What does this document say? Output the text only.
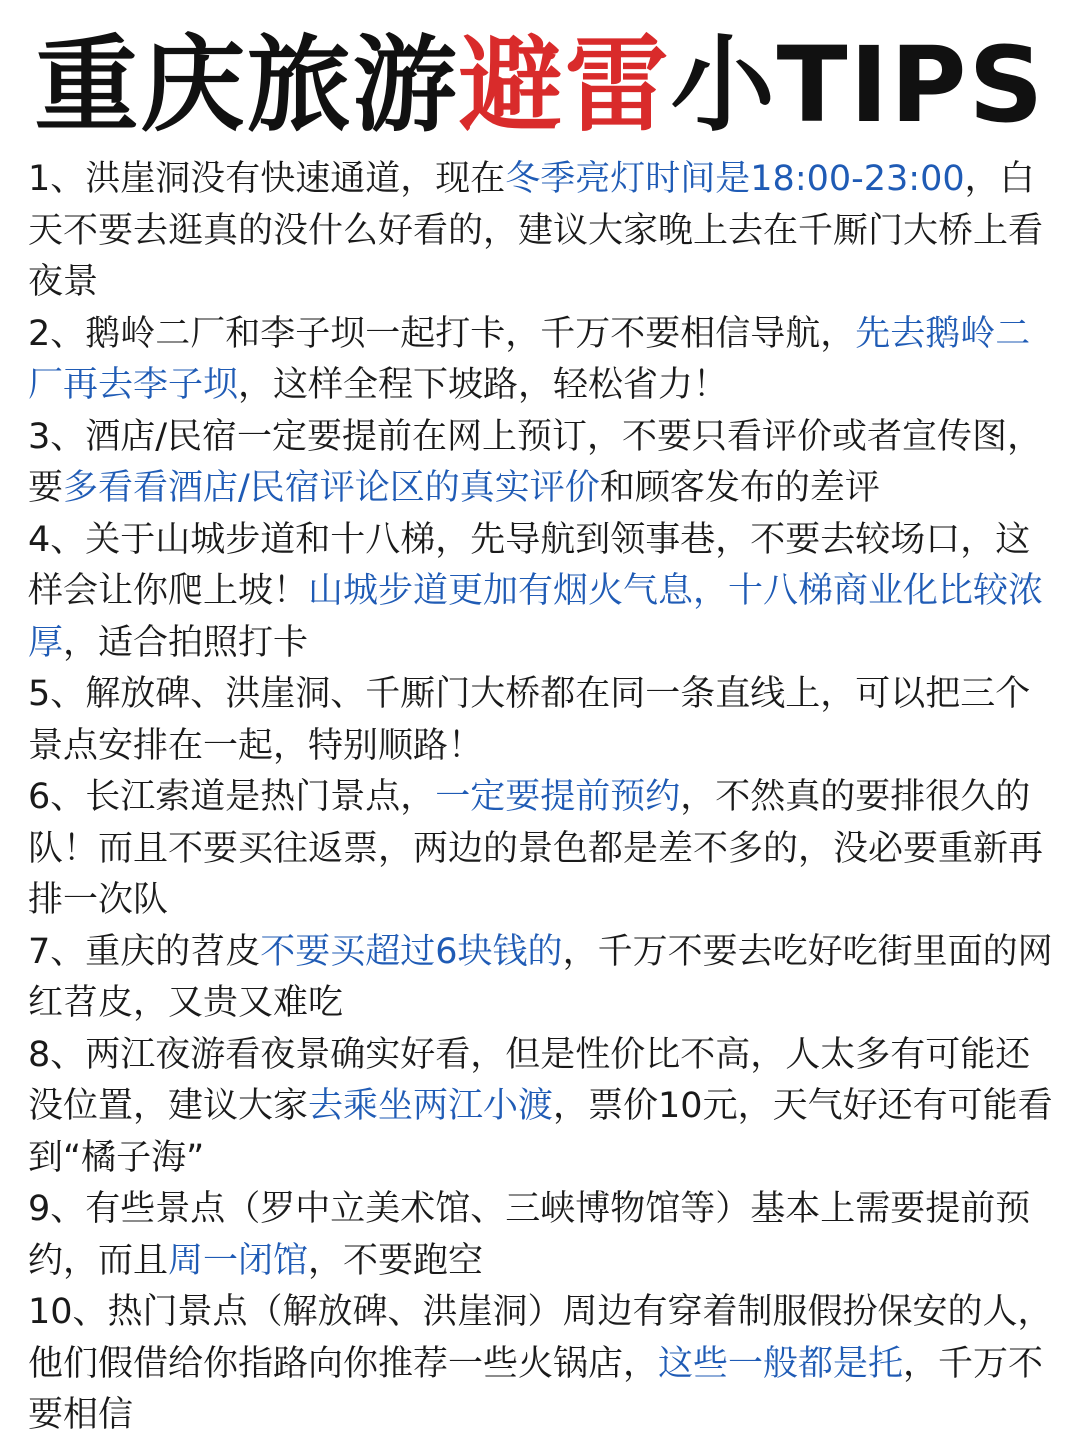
重庆旅游避雷小TIPS

1、洪崖洞没有快速通道，现在冬季亮灯时间是18:00-23:00，白天不要去逛真的没什么好看的，建议大家晚上去在千厮门大桥上看夜景

2、鹅岭二厂和李子坝一起打卡，千万不要相信导航，先去鹅岭二厂再去李子坝，这样全程下坡路，轻松省力！

3、酒店/民宿一定要提前在网上预订，不要只看评价或者宣传图，要多看看酒店/民宿评论区的真实评价和顾客发布的差评

4、关于山城步道和十八梯，先导航到领事巷，不要去较场口，这样会让你爬上坡！山城步道更加有烟火气息，十八梯商业化比较浓厚，适合拍照打卡

5、解放碑、洪崖洞、千厮门大桥都在同一条直线上，可以把三个景点安排在一起，特别顺路！

6、长江索道是热门景点，一定要提前预约，不然真的要排很久的队！而且不要买往返票，两边的景色都是差不多的，没必要重新再排一次队

7、重庆的苕皮不要买超过6块钱的，千万不要去吃好吃街里面的网红苕皮，又贵又难吃

8、两江夜游看夜景确实好看，但是性价比不高，人太多有可能还没位置，建议大家去乘坐两江小渡，票价10元，天气好还有可能看到“橘子海”

9、有些景点（罗中立美术馆、三峡博物馆等）基本上需要提前预约，而且周一闭馆，不要跑空

10、热门景点（解放碑、洪崖洞）周边有穿着制服假扮保安的人，他们假借给你指路向你推荐一些火锅店，这些一般都是托，千万不要相信
